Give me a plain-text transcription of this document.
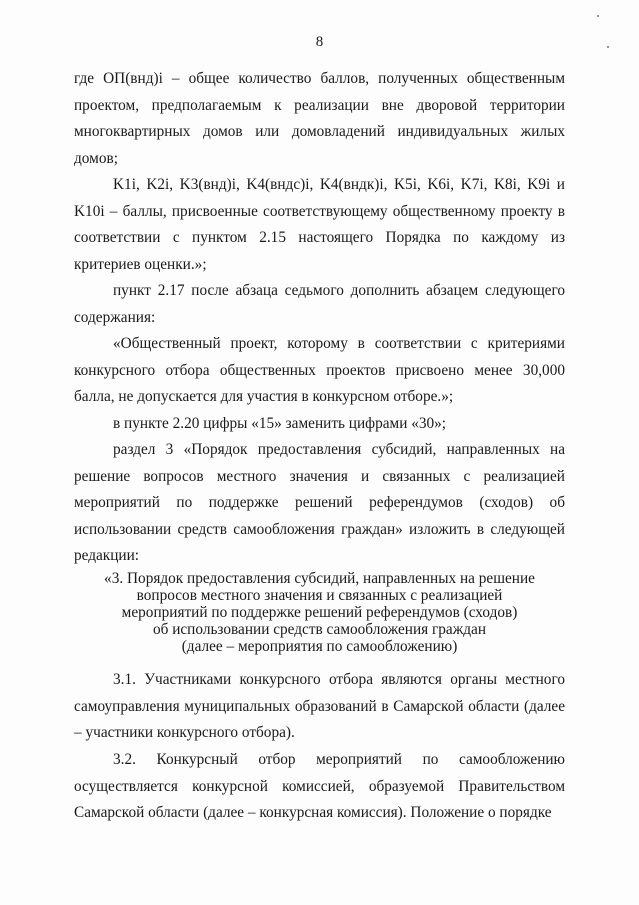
8

где ОП(внд)i – общее количество баллов, полученных общественным проектом, предполагаемым к реализации вне дворовой территории многоквартирных домов или домовладений индивидуальных жилых домов;

K1i, K2i, K3(внд)i, K4(вндс)i, K4(вндк)i, K5i, K6i, K7i, K8i, K9i и K10i – баллы, присвоенные соответствующему общественному проекту в соответствии с пунктом 2.15 настоящего Порядка по каждому из критериев оценки.»;

пункт 2.17 после абзаца седьмого дополнить абзацем следующего содержания:

«Общественный проект, которому в соответствии с критериями конкурсного отбора общественных проектов присвоено менее 30,000 балла, не допускается для участия в конкурсном отборе.»;

в пункте 2.20 цифры «15» заменить цифрами «30»;

раздел 3 «Порядок предоставления субсидий, направленных на решение вопросов местного значения и связанных с реализацией мероприятий по поддержке решений референдумов (сходов) об использовании средств самообложения граждан» изложить в следующей редакции:

«3. Порядок предоставления субсидий, направленных на решение
вопросов местного значения и связанных с реализацией
мероприятий по поддержке решений референдумов (сходов)
об использовании средств самообложения граждан
(далее – мероприятия по самообложению)

3.1. Участниками конкурсного отбора являются органы местного самоуправления муниципальных образований в Самарской области (далее – участники конкурсного отбора).

3.2. Конкурсный отбор мероприятий по самообложению осуществляется конкурсной комиссией, образуемой Правительством Самарской области (далее – конкурсная комиссия). Положение о порядке
